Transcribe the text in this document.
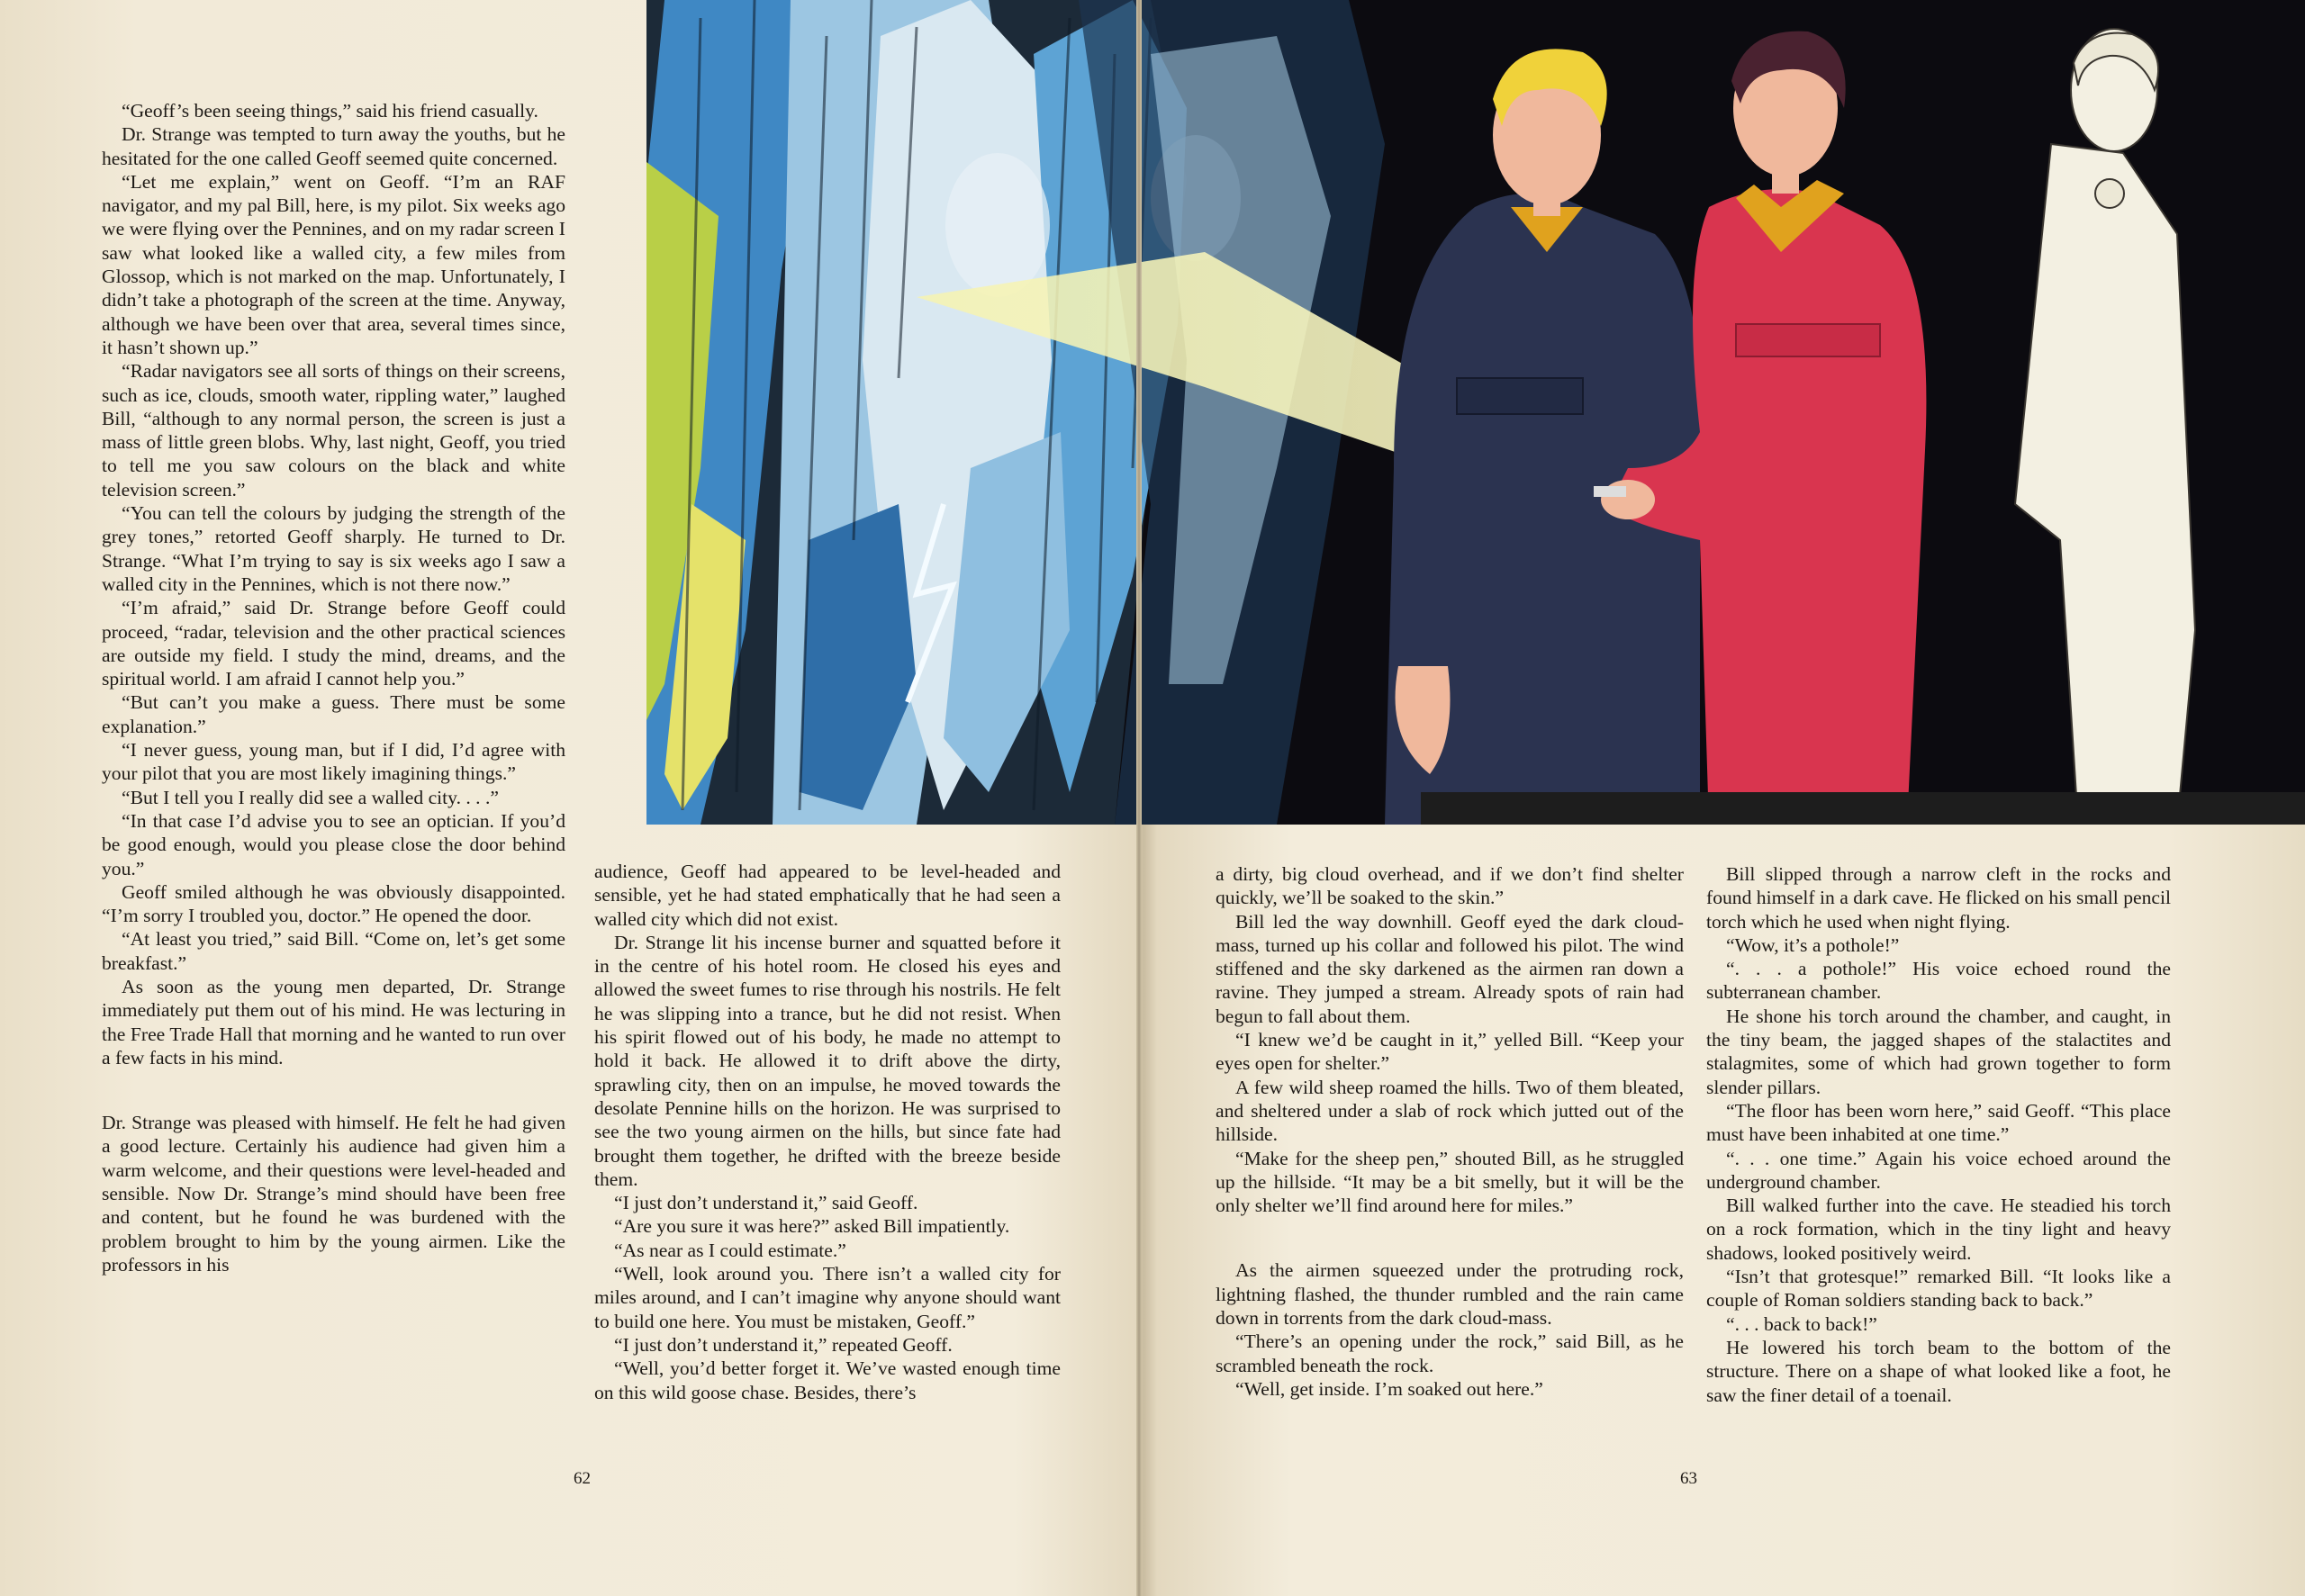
“Geoff’s been seeing things,” said his friend casually.

Dr. Strange was tempted to turn away the youths, but he hesitated for the one called Geoff seemed quite concerned.

“Let me explain,” went on Geoff. “I’m an RAF navigator, and my pal Bill, here, is my pilot. Six weeks ago we were flying over the Pennines, and on my radar screen I saw what looked like a walled city, a few miles from Glossop, which is not marked on the map. Unfortunately, I didn’t take a photograph of the screen at the time. Anyway, although we have been over that area, several times since, it hasn’t shown up.”

“Radar navigators see all sorts of things on their screens, such as ice, clouds, smooth water, rippling water,” laughed Bill, “although to any normal person, the screen is just a mass of little green blobs. Why, last night, Geoff, you tried to tell me you saw colours on the black and white television screen.”

“You can tell the colours by judging the strength of the grey tones,” retorted Geoff sharply. He turned to Dr. Strange. “What I’m trying to say is six weeks ago I saw a walled city in the Pennines, which is not there now.”

“I’m afraid,” said Dr. Strange before Geoff could proceed, “radar, television and the other practical sciences are outside my field. I study the mind, dreams, and the spiritual world. I am afraid I cannot help you.”

“But can’t you make a guess. There must be some explanation.”

“I never guess, young man, but if I did, I’d agree with your pilot that you are most likely imagining things.”

“But I tell you I really did see a walled city. . . .”

“In that case I’d advise you to see an optician. If you’d be good enough, would you please close the door behind you.”

Geoff smiled although he was obviously disappointed. “I’m sorry I troubled you, doctor.” He opened the door.

“At least you tried,” said Bill. “Come on, let’s get some breakfast.”

As soon as the young men departed, Dr. Strange immediately put them out of his mind. He was lecturing in the Free Trade Hall that morning and he wanted to run over a few facts in his mind.

Dr. Strange was pleased with himself. He felt he had given a good lecture. Certainly his audience had given him a warm welcome, and their questions were level-headed and sensible. Now Dr. Strange’s mind should have been free and content, but he found he was burdened with the problem brought to him by the young airmen. Like the professors in his

audience, Geoff had appeared to be level-headed and sensible, yet he had stated emphatically that he had seen a walled city which did not exist.

Dr. Strange lit his incense burner and squatted before it in the centre of his hotel room. He closed his eyes and allowed the sweet fumes to rise through his nostrils. He felt he was slipping into a trance, but he did not resist. When his spirit flowed out of his body, he made no attempt to hold it back. He allowed it to drift above the dirty, sprawling city, then on an impulse, he moved towards the desolate Pennine hills on the horizon. He was surprised to see the two young airmen on the hills, but since fate had brought them together, he drifted with the breeze beside them.

“I just don’t understand it,” said Geoff.

“Are you sure it was here?” asked Bill impatiently.

“As near as I could estimate.”

“Well, look around you. There isn’t a walled city for miles around, and I can’t imagine why anyone should want to build one here. You must be mistaken, Geoff.”

“I just don’t understand it,” repeated Geoff.

“Well, you’d better forget it. We’ve wasted enough time on this wild goose chase. Besides, there’s

62

a dirty, big cloud overhead, and if we don’t find shelter quickly, we’ll be soaked to the skin.”

Bill led the way downhill. Geoff eyed the dark cloud-mass, turned up his collar and followed his pilot. The wind stiffened and the sky darkened as the airmen ran down a ravine. They jumped a stream. Already spots of rain had begun to fall about them.

“I knew we’d be caught in it,” yelled Bill. “Keep your eyes open for shelter.”

A few wild sheep roamed the hills. Two of them bleated, and sheltered under a slab of rock which jutted out of the hillside.

“Make for the sheep pen,” shouted Bill, as he struggled up the hillside. “It may be a bit smelly, but it will be the only shelter we’ll find around here for miles.”

As the airmen squeezed under the protruding rock, lightning flashed, the thunder rumbled and the rain came down in torrents from the dark cloud-mass.

“There’s an opening under the rock,” said Bill, as he scrambled beneath the rock.

“Well, get inside. I’m soaked out here.”

Bill slipped through a narrow cleft in the rocks and found himself in a dark cave. He flicked on his small pencil torch which he used when night flying.

“Wow, it’s a pothole!”

“. . . a pothole!” His voice echoed round the subterranean chamber.

He shone his torch around the chamber, and caught, in the tiny beam, the jagged shapes of the stalactites and stalagmites, some of which had grown together to form slender pillars.

“The floor has been worn here,” said Geoff. “This place must have been inhabited at one time.”

“. . . one time.” Again his voice echoed around the underground chamber.

Bill walked further into the cave. He steadied his torch on a rock formation, which in the tiny light and heavy shadows, looked positively weird.

“Isn’t that grotesque!” remarked Bill. “It looks like a couple of Roman soldiers standing back to back.”

“. . . back to back!”

He lowered his torch beam to the bottom of the structure. There on a shape of what looked like a foot, he saw the finer detail of a toenail.

63
